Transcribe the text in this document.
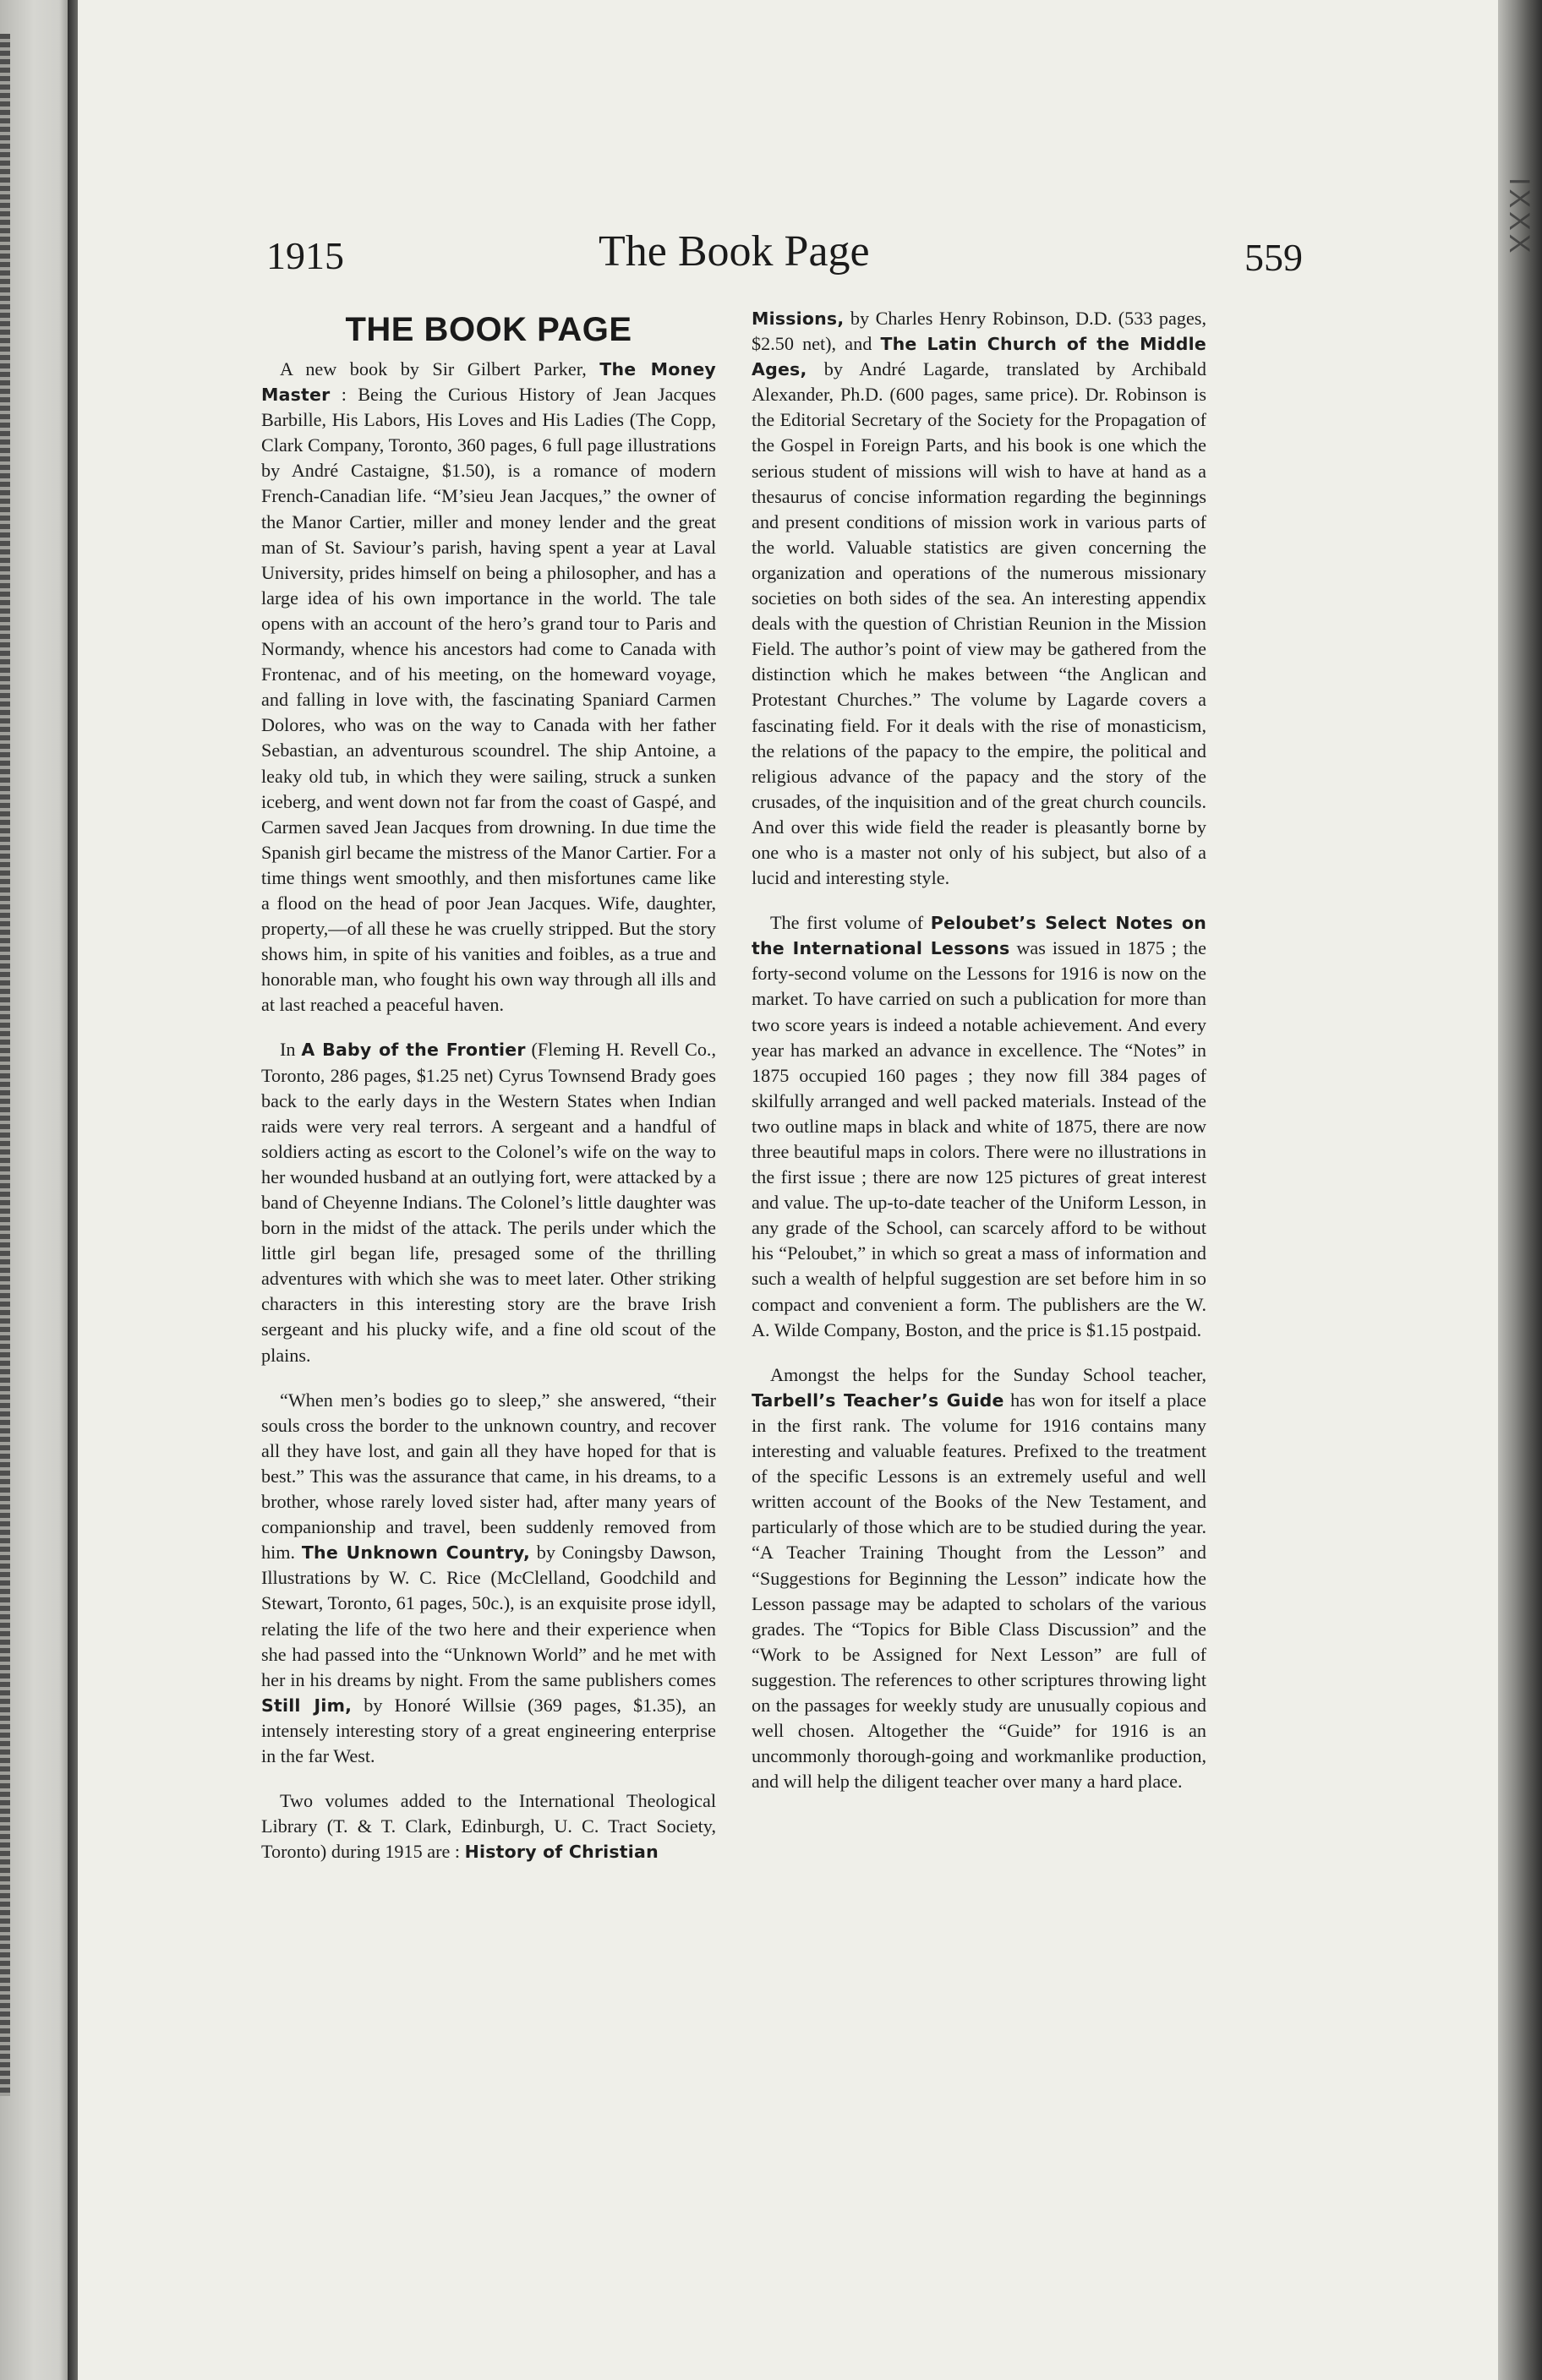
IXXX
1915	The Book Page	559
THE BOOK PAGE

A new book by Sir Gilbert Parker, The Money Master : Being the Curious History of Jean Jacques Barbille, His Labors, His Loves and His Ladies (The Copp, Clark Company, Toronto, 360 pages, 6 full page illustrations by André Castaigne, $1.50), is a romance of modern French-Canadian life. “M’sieu Jean Jacques,” the owner of the Manor Cartier, miller and money lender and the great man of St. Saviour’s parish, having spent a year at Laval University, prides himself on being a philosopher, and has a large idea of his own importance in the world. The tale opens with an account of the hero’s grand tour to Paris and Normandy, whence his ancestors had come to Canada with Frontenac, and of his meeting, on the homeward voyage, and falling in love with, the fascinating Spaniard Carmen Dolores, who was on the way to Canada with her father Sebastian, an adventurous scoundrel. The ship Antoine, a leaky old tub, in which they were sailing, struck a sunken iceberg, and went down not far from the coast of Gaspé, and Carmen saved Jean Jacques from drowning. In due time the Spanish girl became the mistress of the Manor Cartier. For a time things went smoothly, and then misfortunes came like a flood on the head of poor Jean Jacques. Wife, daughter, property,—of all these he was cruelly stripped. But the story shows him, in spite of his vanities and foibles, as a true and honorable man, who fought his own way through all ills and at last reached a peaceful haven.

In A Baby of the Frontier (Fleming H. Revell Co., Toronto, 286 pages, $1.25 net) Cyrus Townsend Brady goes back to the early days in the Western States when Indian raids were very real terrors. A sergeant and a handful of soldiers acting as escort to the Colonel’s wife on the way to her wounded husband at an outlying fort, were attacked by a band of Cheyenne Indians. The Colonel’s little daughter was born in the midst of the attack. The perils under which the little girl began life, presaged some of the thrilling adventures with which she was to meet later. Other striking characters in this interesting story are the brave Irish sergeant and his plucky wife, and a fine old scout of the plains.

“When men’s bodies go to sleep,” she answered, “their souls cross the border to the unknown country, and recover all they have lost, and gain all they have hoped for that is best.” This was the assurance that came, in his dreams, to a brother, whose rarely loved sister had, after many years of companionship and travel, been suddenly removed from him. The Unknown Country, by Coningsby Dawson, Illustrations by W. C. Rice (McClelland, Goodchild and Stewart, Toronto, 61 pages, 50c.), is an exquisite prose idyll, relating the life of the two here and their experience when she had passed into the “Unknown World” and he met with her in his dreams by night. From the same publishers comes Still Jim, by Honoré Willsie (369 pages, $1.35), an intensely interesting story of a great engineering enterprise in the far West.

Two volumes added to the International Theological Library (T. & T. Clark, Edinburgh, U. C. Tract Society, Toronto) during 1915 are : History of Christian

Missions, by Charles Henry Robinson, D.D. (533 pages, $2.50 net), and The Latin Church of the Middle Ages, by André Lagarde, translated by Archibald Alexander, Ph.D. (600 pages, same price). Dr. Robinson is the Editorial Secretary of the Society for the Propagation of the Gospel in Foreign Parts, and his book is one which the serious student of missions will wish to have at hand as a thesaurus of concise information regarding the beginnings and present conditions of mission work in various parts of the world. Valuable statistics are given concerning the organization and operations of the numerous missionary societies on both sides of the sea. An interesting appendix deals with the question of Christian Reunion in the Mission Field. The author’s point of view may be gathered from the distinction which he makes between “the Anglican and Protestant Churches.” The volume by Lagarde covers a fascinating field. For it deals with the rise of monasticism, the relations of the papacy to the empire, the political and religious advance of the papacy and the story of the crusades, of the inquisition and of the great church councils. And over this wide field the reader is pleasantly borne by one who is a master not only of his subject, but also of a lucid and interesting style.

The first volume of Peloubet’s Select Notes on the International Lessons was issued in 1875 ; the forty-second volume on the Lessons for 1916 is now on the market. To have carried on such a publication for more than two score years is indeed a notable achievement. And every year has marked an advance in excellence. The “Notes” in 1875 occupied 160 pages ; they now fill 384 pages of skilfully arranged and well packed materials. Instead of the two outline maps in black and white of 1875, there are now three beautiful maps in colors. There were no illustrations in the first issue ; there are now 125 pictures of great interest and value. The up-to-date teacher of the Uniform Lesson, in any grade of the School, can scarcely afford to be without his “Peloubet,” in which so great a mass of information and such a wealth of helpful suggestion are set before him in so compact and convenient a form. The publishers are the W. A. Wilde Company, Boston, and the price is $1.15 postpaid.

Amongst the helps for the Sunday School teacher, Tarbell’s Teacher’s Guide has won for itself a place in the first rank. The volume for 1916 contains many interesting and valuable features. Prefixed to the treatment of the specific Lessons is an extremely useful and well written account of the Books of the New Testament, and particularly of those which are to be studied during the year. “A Teacher Training Thought from the Lesson” and “Suggestions for Beginning the Lesson” indicate how the Lesson passage may be adapted to scholars of the various grades. The “Topics for Bible Class Discussion” and the “Work to be Assigned for Next Lesson” are full of suggestion. The references to other scriptures throwing light on the passages for weekly study are unusually copious and well chosen. Altogether the “Guide” for 1916 is an uncommonly thorough-going and workmanlike production, and will help the diligent teacher over many a hard place.
